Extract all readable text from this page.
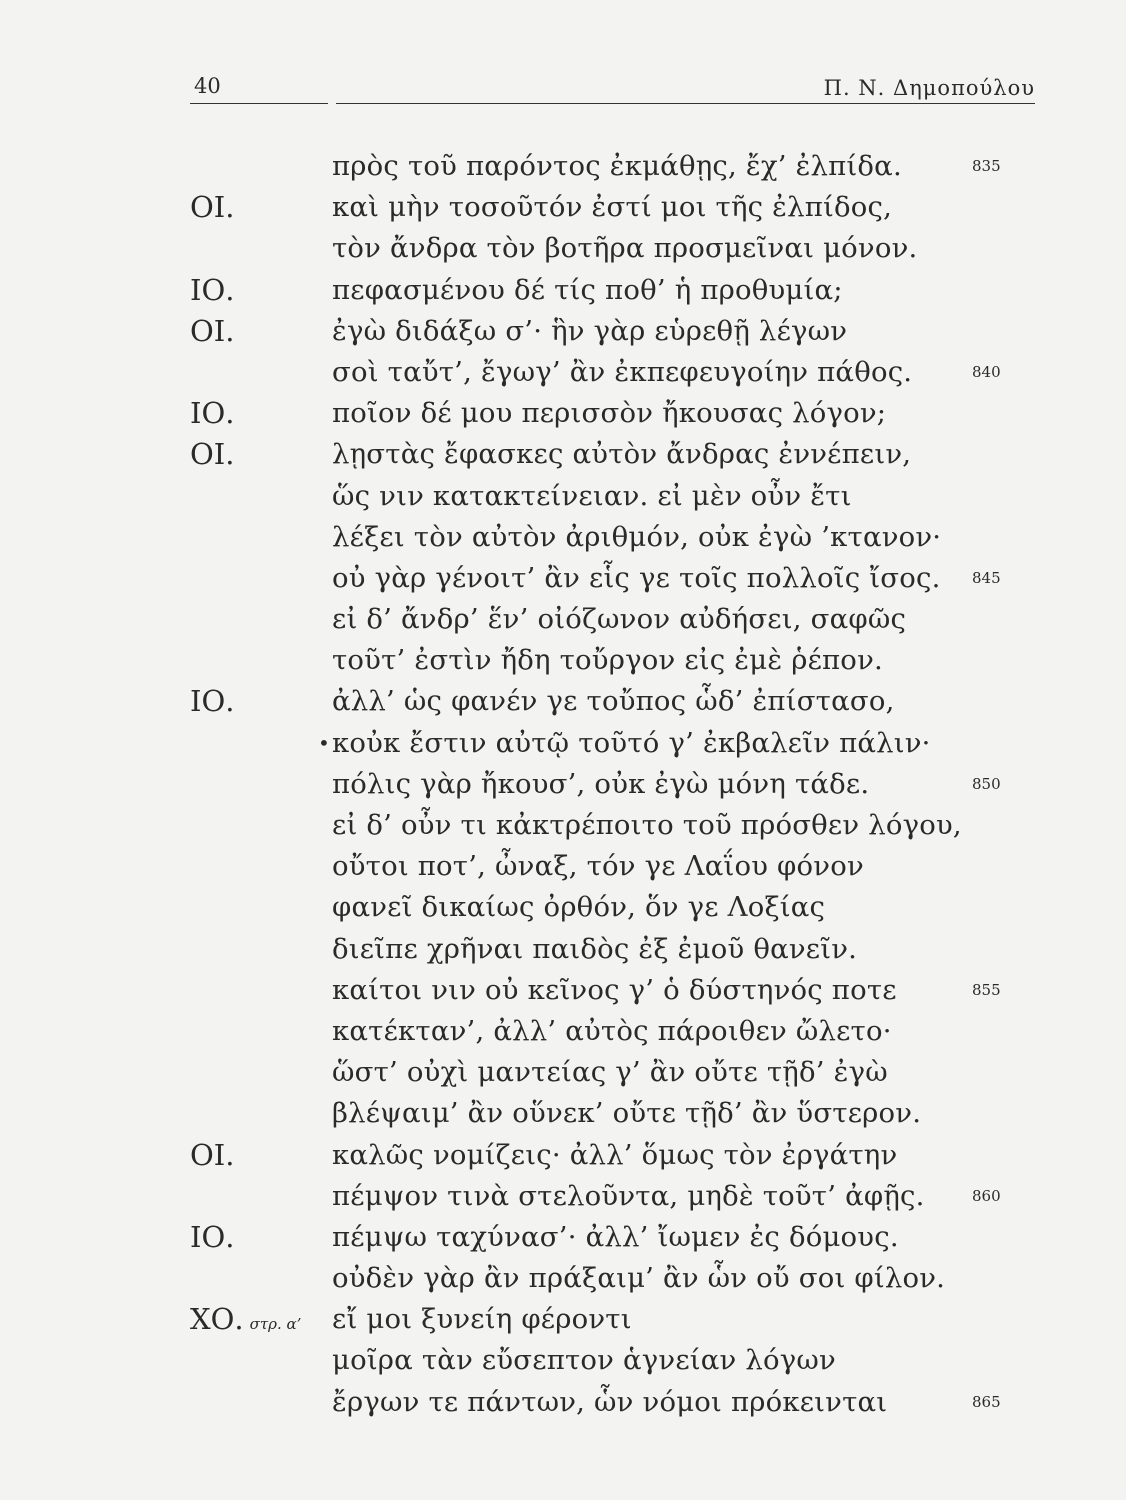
40	Π. Ν. Δημοπούλου
πρὸς τοῦ παρόντος ἐκμάθῃς, ἔχ’ ἐλπίδα.	835
ΟΙ.	καὶ μὴν τοσοῦτόν ἐστί μοι τῆς ἐλπίδος,
τὸν ἄνδρα τὸν βοτῆρα προσμεῖναι μόνον.
ΙΟ.	πεφασμένου δέ τίς ποθ’ ἡ προθυμία;
ΟΙ.	ἐγὼ διδάξω σ’· ἣν γὰρ εὑρεθῇ λέγων
σοὶ ταὔτ’, ἔγωγ’ ἂν ἐκπεφευγοίην πάθος.	840
ΙΟ.	ποῖον δέ μου περισσὸν ἤκουσας λόγον;
ΟΙ.	λῃστὰς ἔφασκες αὐτὸν ἄνδρας ἐννέπειν,
ὥς νιν κατακτείνειαν. εἰ μὲν οὖν ἔτι
λέξει τὸν αὐτὸν ἀριθμόν, οὐκ ἐγὼ ’κτανον·
οὐ γὰρ γένοιτ’ ἂν εἷς γε τοῖς πολλοῖς ἴσος. 845
εἰ δ’ ἄνδρ’ ἕν’ οἰόζωνον αὐδήσει, σαφῶς
τοῦτ’ ἐστὶν ἤδη τοὔργον εἰς ἐμὲ ῥέπον.
ΙΟ.	ἀλλ’ ὡς φανέν γε τοὔπος ὧδ’ ἐπίστασο,
• κοὐκ ἔστιν αὐτῷ τοῦτό γ’ ἐκβαλεῖν πάλιν·
πόλις γὰρ ἤκουσ’, οὐκ ἐγὼ μόνη τάδε.	850
εἰ δ’ οὖν τι κἀκτρέποιτο τοῦ πρόσθεν λόγου,
οὔτοι ποτ’, ὦναξ, τόν γε Λαΐου φόνον
φανεῖ δικαίως ὀρθόν, ὅν γε Λοξίας
διεῖπε χρῆναι παιδὸς ἐξ ἐμοῦ θανεῖν.
καίτοι νιν οὐ κεῖνος γ’ ὁ δύστηνός ποτε	855
κατέκταν’, ἀλλ’ αὐτὸς πάροιθεν ὤλετο·
ὥστ’ οὐχὶ μαντείας γ’ ἂν οὔτε τῇδ’ ἐγὼ
βλέψαιμ’ ἂν οὕνεκ’ οὔτε τῇδ’ ἂν ὕστερον.
ΟΙ.	καλῶς νομίζεις· ἀλλ’ ὅμως τὸν ἐργάτην
πέμψον τινὰ στελοῦντα, μηδὲ τοῦτ’ ἀφῇς.	860
ΙΟ.	πέμψω ταχύνασ’· ἀλλ’ ἴωμεν ἐς δόμους.
οὐδὲν γὰρ ἂν πράξαιμ’ ἂν ὧν οὔ σοι φίλον.
ΧΟ. στρ. α’ εἴ μοι ξυνείη φέροντι
μοῖρα τὰν εὔσεπτον ἁγνείαν λόγων
ἔργων τε πάντων, ὧν νόμοι πρόκεινται	865
